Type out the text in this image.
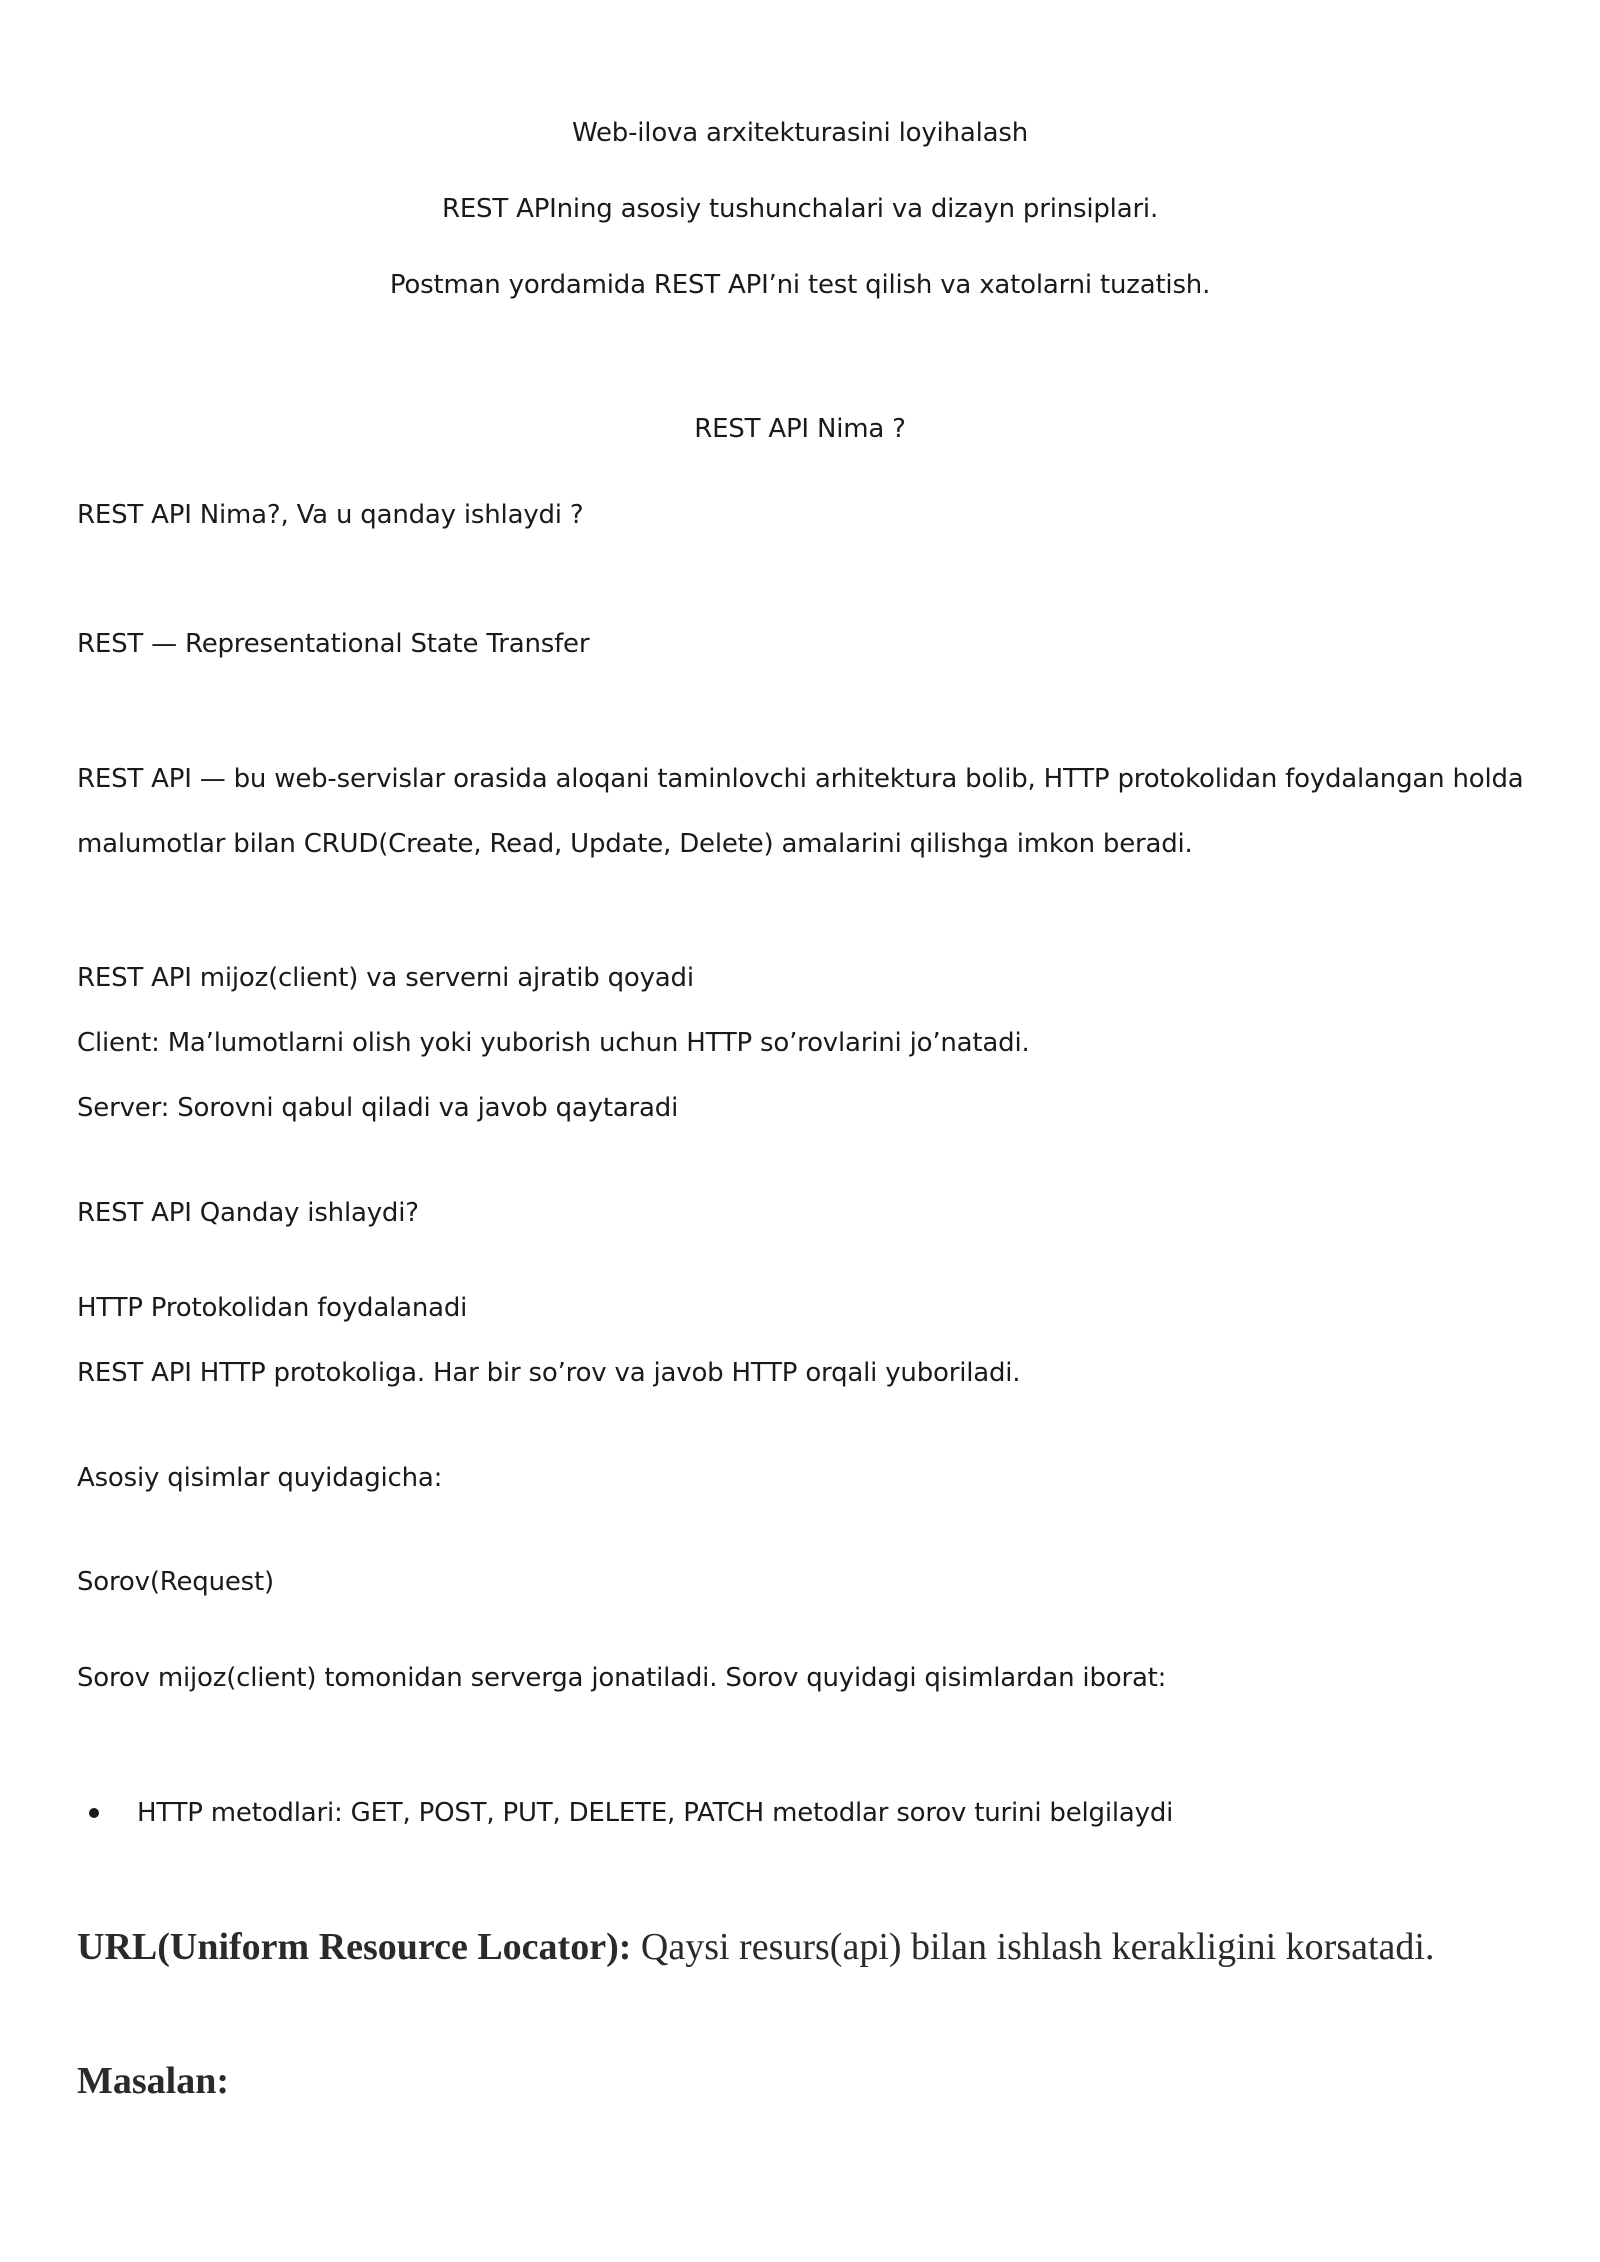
Web-ilova arxitekturasini loyihalash
REST APIning asosiy tushunchalari va dizayn prinsiplari.
Postman yordamida REST API’ni test qilish va xatolarni tuzatish.
REST API Nima ?
REST API Nima?, Va u qanday ishlaydi ?
REST — Representational State Transfer
REST API — bu web-servislar orasida aloqani taminlovchi arhitektura bolib, HTTP protokolidan foydalangan holda
malumotlar bilan CRUD(Create, Read, Update, Delete) amalarini qilishga imkon beradi.
REST API mijoz(client) va serverni ajratib qoyadi
Client: Ma’lumotlarni olish yoki yuborish uchun HTTP so’rovlarini jo’natadi.
Server: Sorovni qabul qiladi va javob qaytaradi
REST API Qanday ishlaydi?
HTTP Protokolidan foydalanadi
REST API HTTP protokoliga. Har bir so’rov va javob HTTP orqali yuboriladi.
Asosiy qisimlar quyidagicha:
Sorov(Request)
Sorov mijoz(client) tomonidan serverga jonatiladi. Sorov quyidagi qisimlardan iborat:
HTTP metodlari: GET, POST, PUT, DELETE, PATCH metodlar sorov turini belgilaydi
URL(Uniform Resource Locator): Qaysi resurs(api) bilan ishlash kerakligini korsatadi.
Masalan:
